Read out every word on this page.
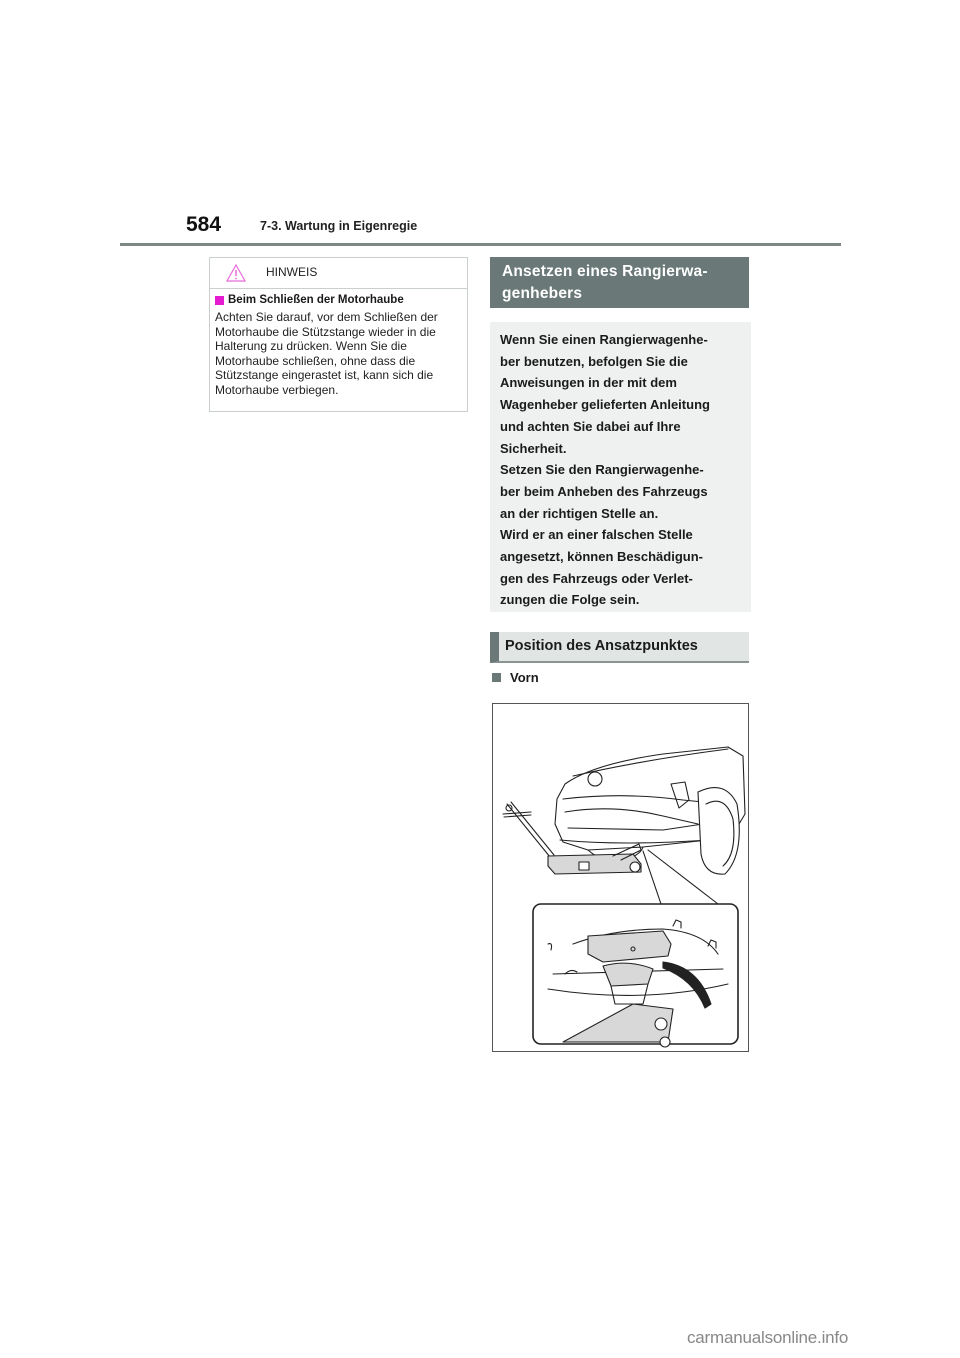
584	7-3. Wartung in Eigenregie
HINWEIS
Beim Schließen der Motorhaube
Achten Sie darauf, vor dem Schließen der
Motorhaube die Stützstange wieder in die
Halterung zu drücken. Wenn Sie die
Motorhaube schließen, ohne dass die
Stützstange eingerastet ist, kann sich die
Motorhaube verbiegen.
Ansetzen eines Rangierwa-
genhebers
Wenn Sie einen Rangierwagenhe-
ber benutzen, befolgen Sie die
Anweisungen in der mit dem
Wagenheber gelieferten Anleitung
und achten Sie dabei auf Ihre
Sicherheit.
Setzen Sie den Rangierwagenhe-
ber beim Anheben des Fahrzeugs
an der richtigen Stelle an.
Wird er an einer falschen Stelle
angesetzt, können Beschädigun-
gen des Fahrzeugs oder Verlet-
zungen die Folge sein.
Position des Ansatzpunktes
Vorn
carmanualsonline.info
